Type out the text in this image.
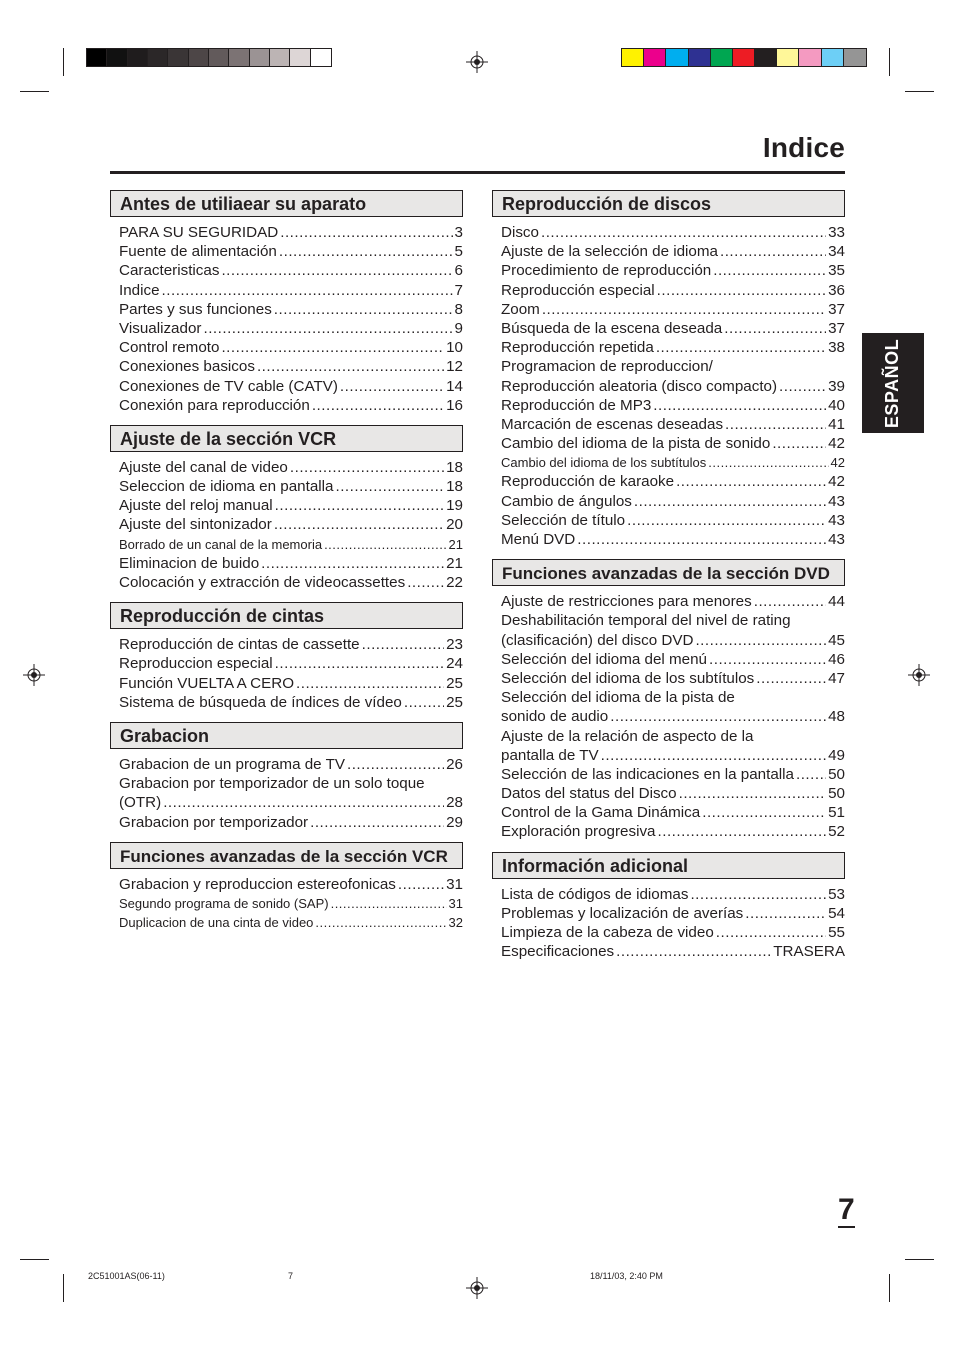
Indice
Antes de utiliaear su aparato
PARA SU SEGURIDAD .....	3
Fuente de alimentación .....	5
Caracteristicas .....	6
Indice .....	7
Partes y sus funciones .....	8
Visualizador .....	9
Control remoto .....	10
Conexiones basicos .....	12
Conexiones de TV cable (CATV) .....	14
Conexión para reproducción .....	16
Ajuste de la sección VCR
Ajuste del canal de video .....	18
Seleccion de idioma en pantalla .....	18
Ajuste del reloj manual .....	19
Ajuste del sintonizador .....	20
Borrado de un canal de la memoria .....	21
Eliminacion de buido .....	21
Colocación y extracción de videocassettes .....	22
Reproducción de cintas
Reproducción de cintas de cassette .....	23
Reproduccion especial .....	24
Función VUELTA A CERO .....	25
Sistema de búsqueda de índices de vídeo .....	25
Grabacion
Grabacion de un programa de TV .....	26
Grabacion por temporizador de un solo toque
(OTR) .....	28
Grabacion por temporizador .....	29
Funciones avanzadas de la sección VCR
Grabacion y reproduccion estereofonicas .....	31
Segundo programa de sonido (SAP) .....	31
Duplicacion de una cinta de video .....	32
Reproducción de discos
Disco .....	33
Ajuste de la selección de idioma .....	34
Procedimiento de reproducción .....	35
Reproducción especial .....	36
Zoom .....	37
Búsqueda de la escena deseada .....	37
Reproducción repetida .....	38
Programacion de reproduccion/
Reproducción aleatoria (disco compacto) .....	39
Reproducción de MP3 .....	40
Marcación de escenas deseadas .....	41
Cambio del idioma de la pista de sonido .....	42
Cambio del idioma de los subtítulos .....	42
Reproducción de karaoke .....	42
Cambio de ángulos .....	43
Selección de título .....	43
Menú DVD .....	43
Funciones avanzadas de la sección DVD
Ajuste de restricciones para menores .....	44
Deshabilitación temporal del nivel de rating
(clasificación) del disco DVD .....	45
Selección del idioma del menú .....	46
Selección del idioma de los subtítulos .....	47
Selección del idioma de la pista de
sonido de audio .....	48
Ajuste de la relación de aspecto de la
pantalla de TV .....	49
Selección de las indicaciones en la pantalla ..... 50
Datos del status del Disco .....	50
Control de la Gama Dinámica .....	51
Exploración progresiva .....	52
Información adicional
Lista de códigos de idiomas .....	53
Problemas y localización de averías .....	54
Limpieza de la cabeza de video .....	55
Especificaciones .....	TRASERA
ESPAÑOL
7
2C51001AS(06-11)	7	18/11/03, 2:40 PM
